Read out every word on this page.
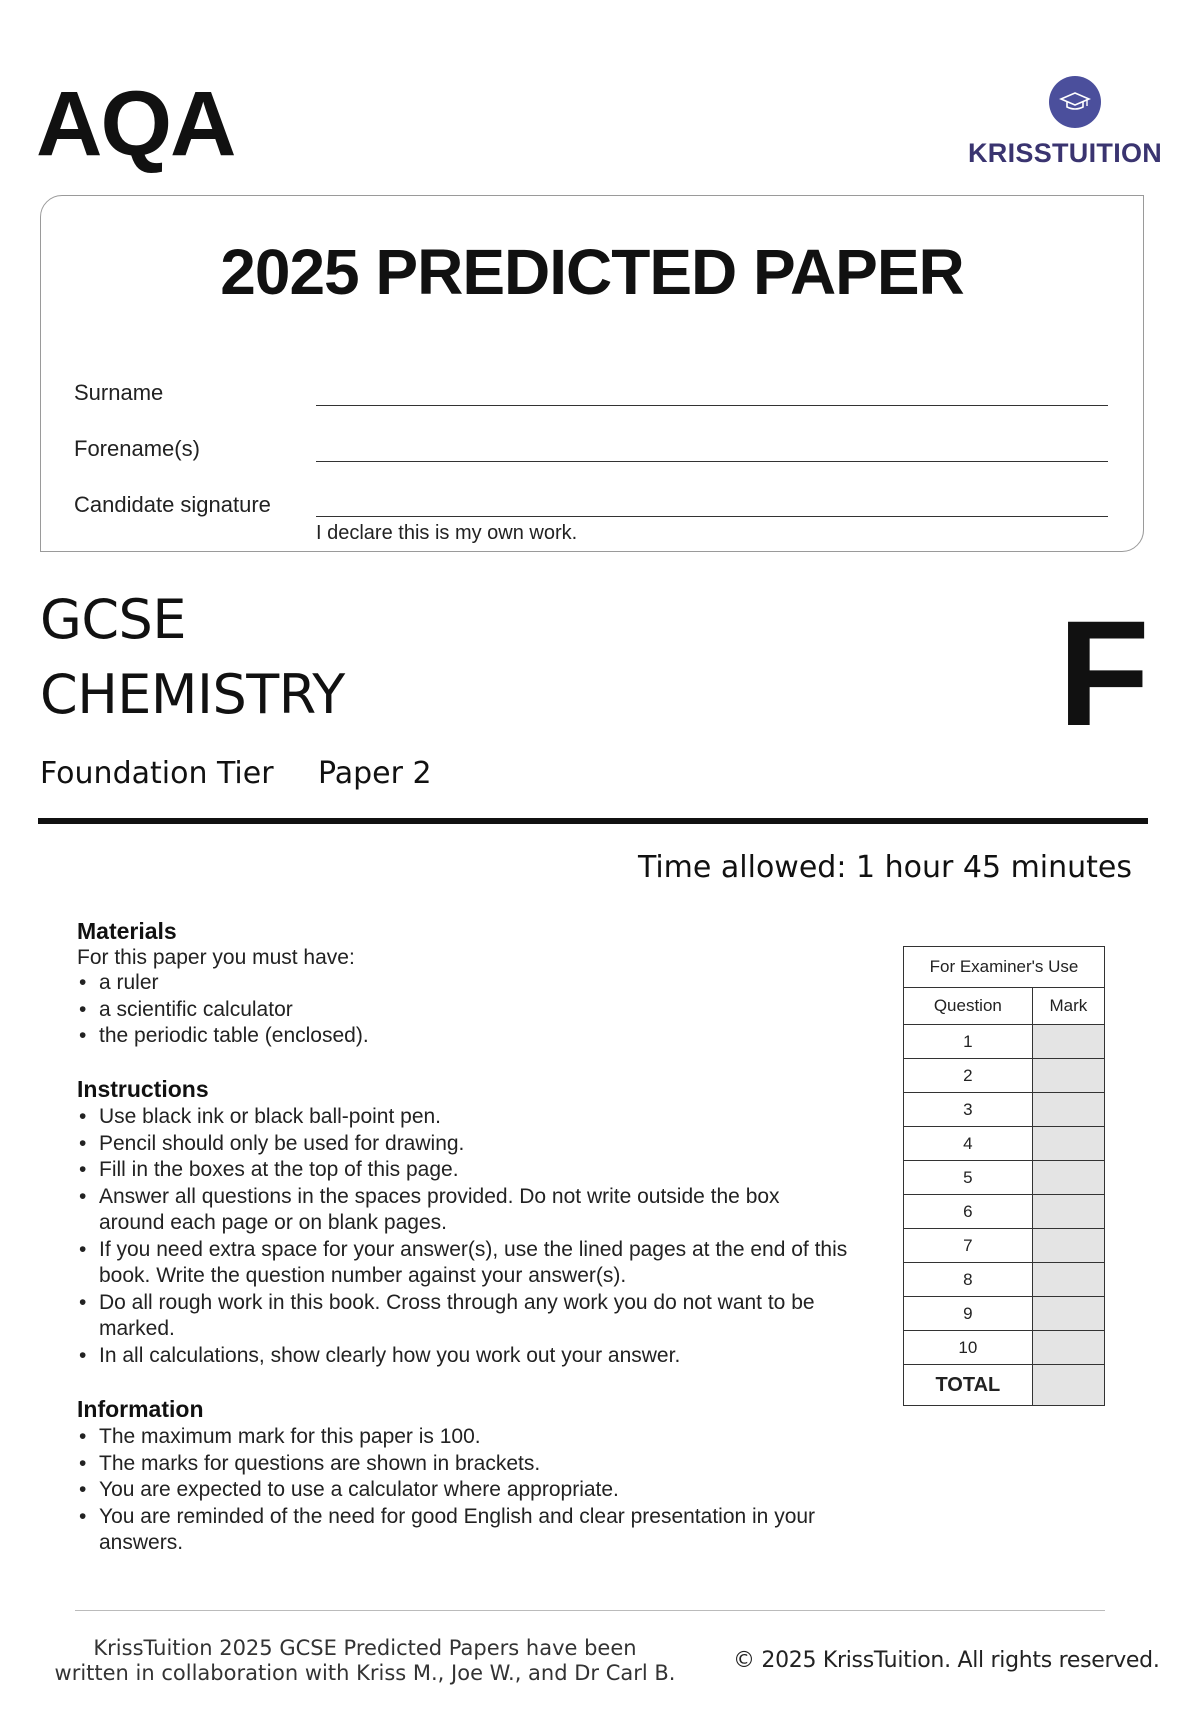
AQA	KRISSTUITION
2025 PREDICTED PAPER
Surname
Forename(s)
Candidate signature
I declare this is my own work.
GCSE
CHEMISTRY
Foundation Tier Paper 2
F
Time allowed: 1 hour 45 minutes
Materials
For this paper you must have:
• a ruler
• a scientific calculator
• the periodic table (enclosed).
Instructions
• Use black ink or black ball-point pen.
• Pencil should only be used for drawing.
• Fill in the boxes at the top of this page.
• Answer all questions in the spaces provided. Do not write outside the box around each page or on blank pages.
• If you need extra space for your answer(s), use the lined pages at the end of this book. Write the question number against your answer(s).
• Do all rough work in this book. Cross through any work you do not want to be marked.
• In all calculations, show clearly how you work out your answer.
Information
• The maximum mark for this paper is 100.
• The marks for questions are shown in brackets.
• You are expected to use a calculator where appropriate.
• You are reminded of the need for good English and clear presentation in your answers.
For Examiner's Use	
Question	Mark
1	
2	
3	
4	
5	
6	
7	
8	
9	
10	
TOTAL	
KrissTuition 2025 GCSE Predicted Papers have been
written in collaboration with Kriss M., Joe W., and Dr Carl B.	© 2025 KrissTuition. All rights reserved.
